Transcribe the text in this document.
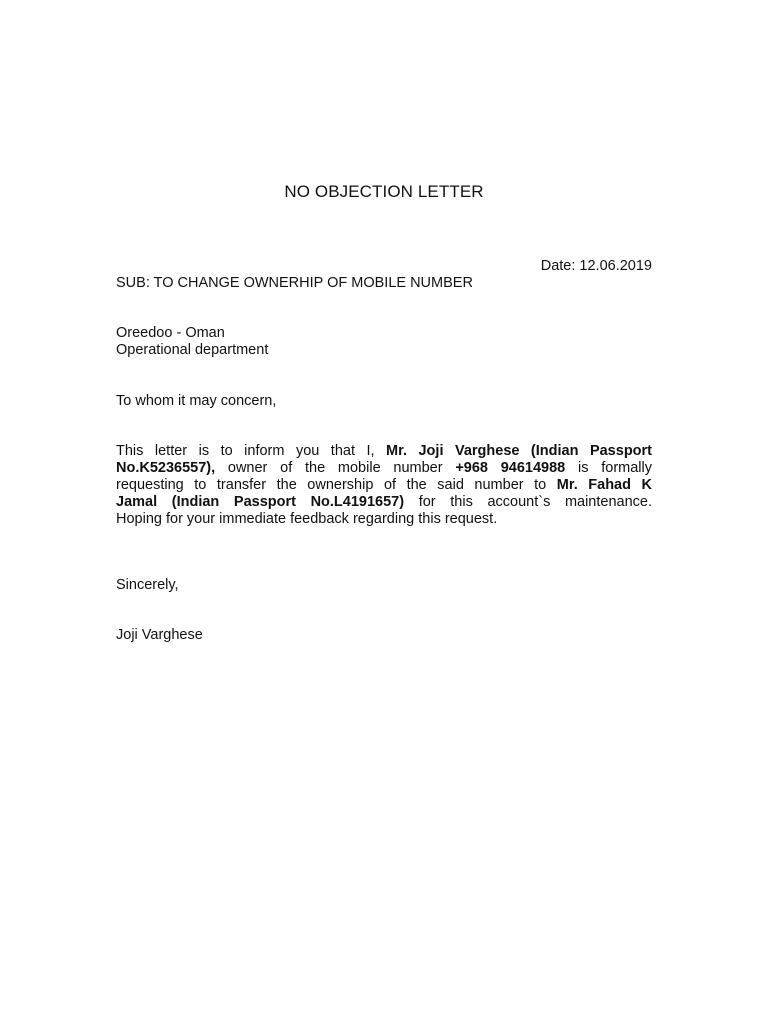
NO OBJECTION LETTER
Date: 12.06.2019
SUB: TO CHANGE OWNERHIP OF MOBILE NUMBER
Oreedoo - Oman
Operational department
To whom it may concern,
This letter is to inform you that I, Mr. Joji Varghese (Indian Passport
No.K5236557), owner of the mobile number +968 94614988 is formally
requesting to transfer the ownership of the said number to Mr. Fahad K
Jamal (Indian Passport No.L4191657) for this account`s maintenance.
Hoping for your immediate feedback regarding this request.
Sincerely,
Joji Varghese
